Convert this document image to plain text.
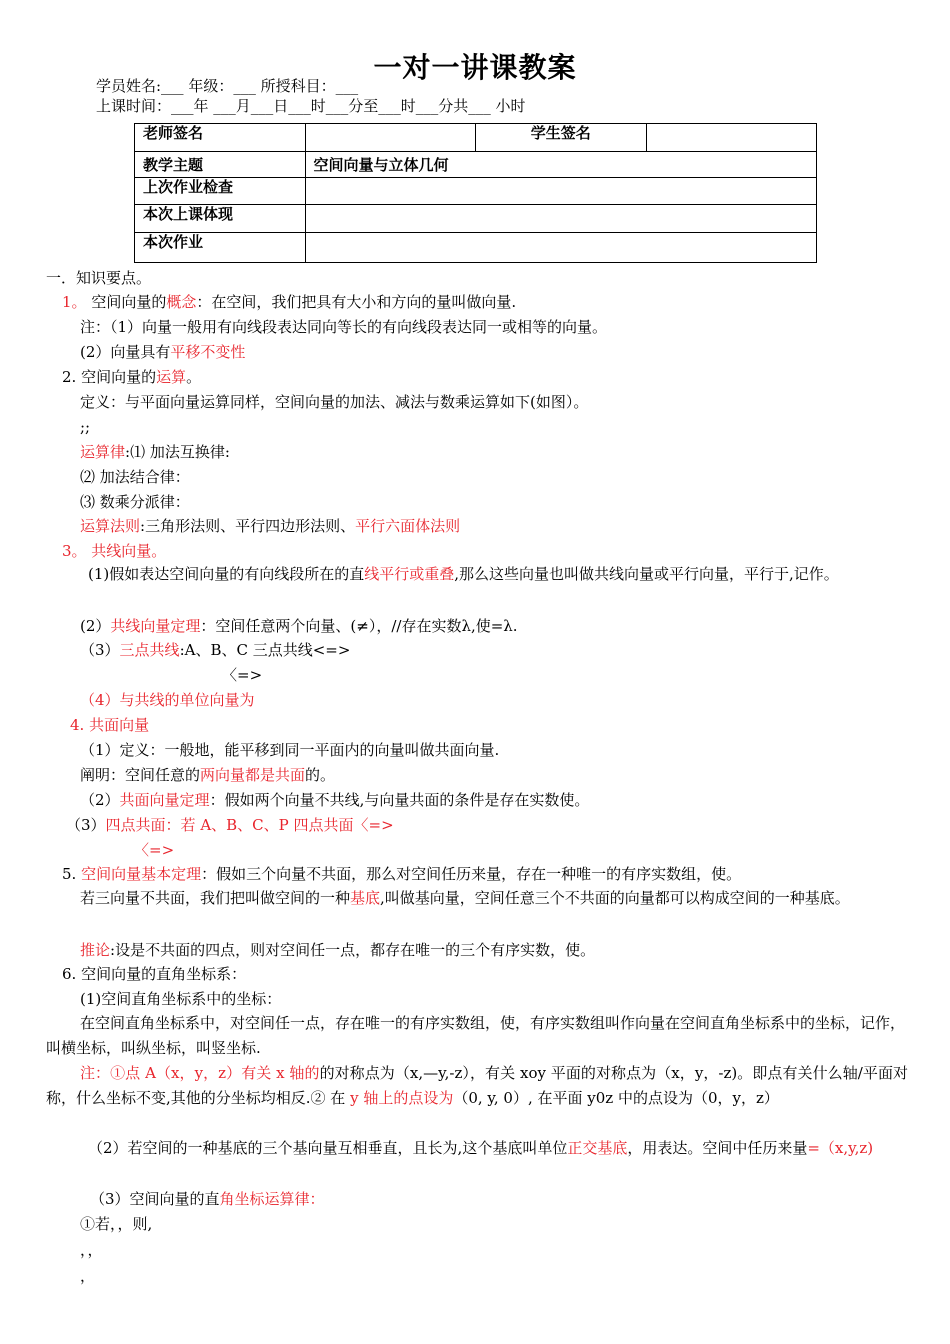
一对一讲课教案
学员姓名:___ 年级：___ 所授科目：___
上课时间：___年 ___月___日___时___分至___时___分共___ 小时
老师签名		学生签名	
教学主题	空间向量与立体几何		
上次作业检查			
本次上课体现			
本次作业			
一．知识要点。
1。 空间向量的概念：在空间，我们把具有大小和方向的量叫做向量.
注：（1）向量一般用有向线段表达同向等长的有向线段表达同一或相等的向量。
(2）向量具有平移不变性
2. 空间向量的运算。
定义：与平面向量运算同样，空间向量的加法、减法与数乘运算如下(如图）。
;;
运算律:⑴ 加法互换律:
⑵ 加法结合律：
⑶ 数乘分派律：
运算法则:三角形法则、平行四边形法则、平行六面体法则
3。 共线向量。
(1)假如表达空间向量的有向线段所在的直线平行或重叠,那么这些向量也叫做共线向量或平行向量，平行于,记作。
(2）共线向量定理：空间任意两个向量、(≠），//存在实数λ,使=λ.
（3）三点共线:A、B、C 三点共线<=>
〈=>
（4）与共线的单位向量为
4. 共面向量
（1）定义：一般地，能平移到同一平面内的向量叫做共面向量.
阐明：空间任意的两向量都是共面的。
（2）共面向量定理：假如两个向量不共线,与向量共面的条件是存在实数使。
（3）四点共面：若 A、B、C、P 四点共面〈=>
〈=>
5. 空间向量基本定理：假如三个向量不共面，那么对空间任历来量，存在一种唯一的有序实数组，使。
若三向量不共面，我们把叫做空间的一种基底,叫做基向量，空间任意三个不共面的向量都可以构成空间的一种基底。
推论:设是不共面的四点，则对空间任一点，都存在唯一的三个有序实数，使。
6. 空间向量的直角坐标系：
(1)空间直角坐标系中的坐标：
在空间直角坐标系中，对空间任一点，存在唯一的有序实数组，使，有序实数组叫作向量在空间直角坐标系中的坐标，记作，叫横坐标，叫纵坐标，叫竖坐标.
注：①点 A（x，y，z）有关 x 轴的的对称点为（x,—y,-z），有关 xoy 平面的对称点为（x，y，-z)。即点有关什么轴/平面对称，什么坐标不变,其他的分坐标均相反.② 在 y 轴上的点设为（0, y, 0）, 在平面 y0z 中的点设为（0，y，z）
（2）若空间的一种基底的三个基向量互相垂直，且长为,这个基底叫单位正交基底，用表达。空间中任历来量=（x,y,z)
（3）空间向量的直角坐标运算律：
①若，，则,
，，
，
